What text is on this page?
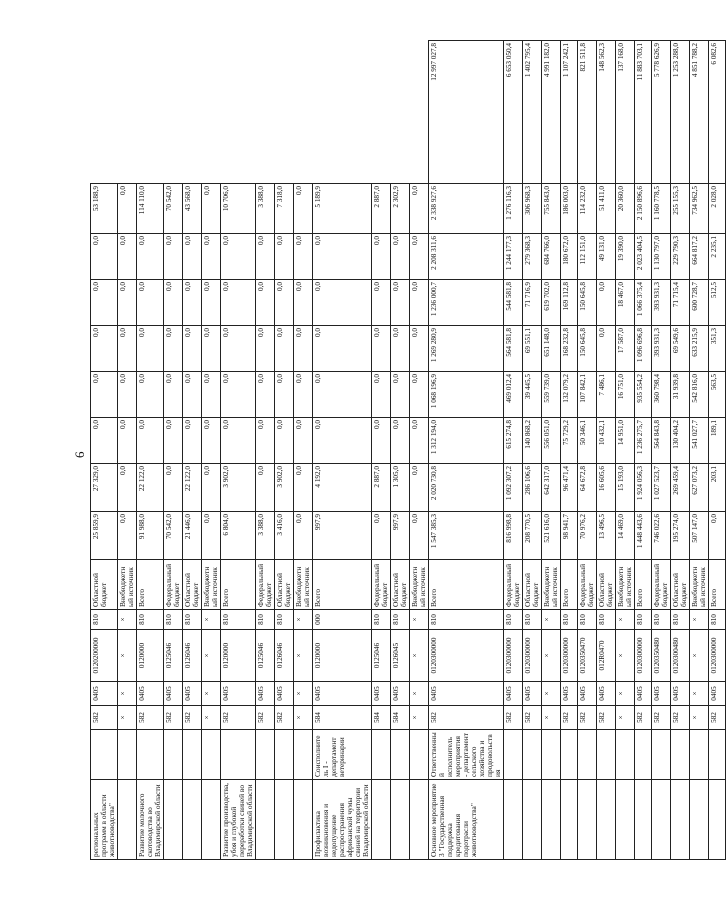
6
региональных программ в области животноводства"		582	0405	0120200000	810	Областной бюджет	25 859,9	27 329,0	0,0	0,0	0,0	0,0	0,0	53 188,9	
		×	×	×	×	Внебюджетный источник	0,0	0,0	0,0	0,0	0,0	0,0	0,0	0,0	
Развитие молочного скотоводства во Владимирской области		582	0405	0120000	810	Всего	91 988,0	22 122,0	0,0	0,0	0,0	0,0	0,0	114 110,0	
		582	0405	0125046	810	Федеральный бюджет	70 542,0	0,0	0,0	0,0	0,0	0,0	0,0	70 542,0	
		582	0405	0126046	810	Областной бюджет	21 446,0	22 122,0	0,0	0,0	0,0	0,0	0,0	43 568,0	
		×	×	×	×	Внебюджетный источник	0,0	0,0	0,0	0,0	0,0	0,0	0,0	0,0	
Развитие производства, убоя и глубокой переработки свиней во Владимирской области		582	0405	0120000	810	Всего	6 804,0	3 902,0	0,0	0,0	0,0	0,0	0,0	10 706,0	
		582	0405	0125046	810	Федеральный бюджет	3 388,0	0,0	0,0	0,0	0,0	0,0	0,0	3 388,0	
		582	0405	0126046	810	Областной бюджет	3 416,0	3 902,0	0,0	0,0	0,0	0,0	0,0	7 318,0	
		×	×	×	×	Внебюджетный источник	0,0	0,0	0,0	0,0	0,0	0,0	0,0	0,0	
Профилактика возникновения и недопущение распространения африканской чумы свиней на территории Владимирской области	Соисполнитель I - департамент ветеринарии	584	0405	0120000	000	Всего	997,9	4 192,0	0,0	0,0	0,0	0,0	0,0	5 189,9	
		584	0405	0125046	810	Федеральный бюджет	0,0	2 887,0	0,0	0,0	0,0	0,0	0,0	2 887,0	
		584	0405	0126045	810	Областной бюджет	997,9	1 305,0	0,0	0,0	0,0	0,0	0,0	2 302,9	
		×	×	×	×	Внебюджетный источник	0,0	0,0	0,0	0,0	0,0	0,0	0,0	0,0	
Основное мероприятие 3 "Государственная поддержка кредитования подотрасли животноводства"	Ответственный исполнитель мероприятия - департамент сельского хозяйства и продовольствия	582	0405	0120300000	810	Всего	1 547 385,3	2 020 730,8	1 312 194,0	1 068 196,9	1 269 280,9	1 236 000,7	2 208 311,6	2 338 927,6	12 997 027,8
		582	0405	0120300000	810	Федеральный бюджет	816 998,8	1 092 307,2	615 274,8	469 012,4	564 581,8	544 581,8	1 244 177,3	1 276 116,3	6 653 050,4
		582	0405	0120300000	810	Областной бюджет	208 770,5	286 106,6	140 868,2	39 445,5	69 551,1	71 716,9	279 368,3	306 968,3	1 402 795,4
		×	×	×	×	Внебюджетный источник	521 616,0	642 317,0	556 051,0	559 739,0	651 148,0	619 702,0	684 766,0	755 843,0	4 991 182,0
		582	0405	0120300000	810	Всего	98 941,7	96 471,4	75 729,2	132 079,2	168 232,8	169 112,8	180 672,0	186 003,0	1 107 242,1
		582	0405	0120350470	810	Федеральный бюджет	70 976,2	64 672,8	50 346,1	107 842,1	150 645,8	150 645,8	112 151,0	114 232,0	821 511,8
		582	0405	012R0470	810	Областной бюджет	13 496,5	16 605,6	10 432,1	7 486,1	0,0	0,0	49 131,0	51 411,0	148 562,3
		×	×	×	×	Внебюджетный источник	14 469,0	15 193,0	14 951,0	16 751,0	17 587,0	18 467,0	19 390,0	20 360,0	137 168,0
		582	0405	0120300000	810	Всего	1 448 443,6	1 924 056,3	1 236 275,7	935 554,2	1 096 696,8	1 066 375,4	2 023 404,5	2 150 896,6	11 883 703,1
		582	0405	0120350480	810	Федеральный бюджет	746 022,6	1 027 523,7	564 843,8	360 798,4	393 931,3	393 931,3	1 130 797,0	1 160 778,5	5 778 626,9
		582	0405	0120300480	810	Областной бюджет	195 274,0	269 459,4	130 404,2	31 939,8	69 549,6	71 715,4	229 790,3	255 155,3	1 253 288,0
		×	×	×	×	Внебюджетный источник	507 147,0	627 073,2	541 027,7	542 816,0	633 215,9	600 728,7	664 817,2	734 962,5	4 851 788,2
		582	0405	0120300000	810	Всего	0,0	203,1	189,1	563,5	351,3	512,5	2 235,1	2 028,0	6 082,6
